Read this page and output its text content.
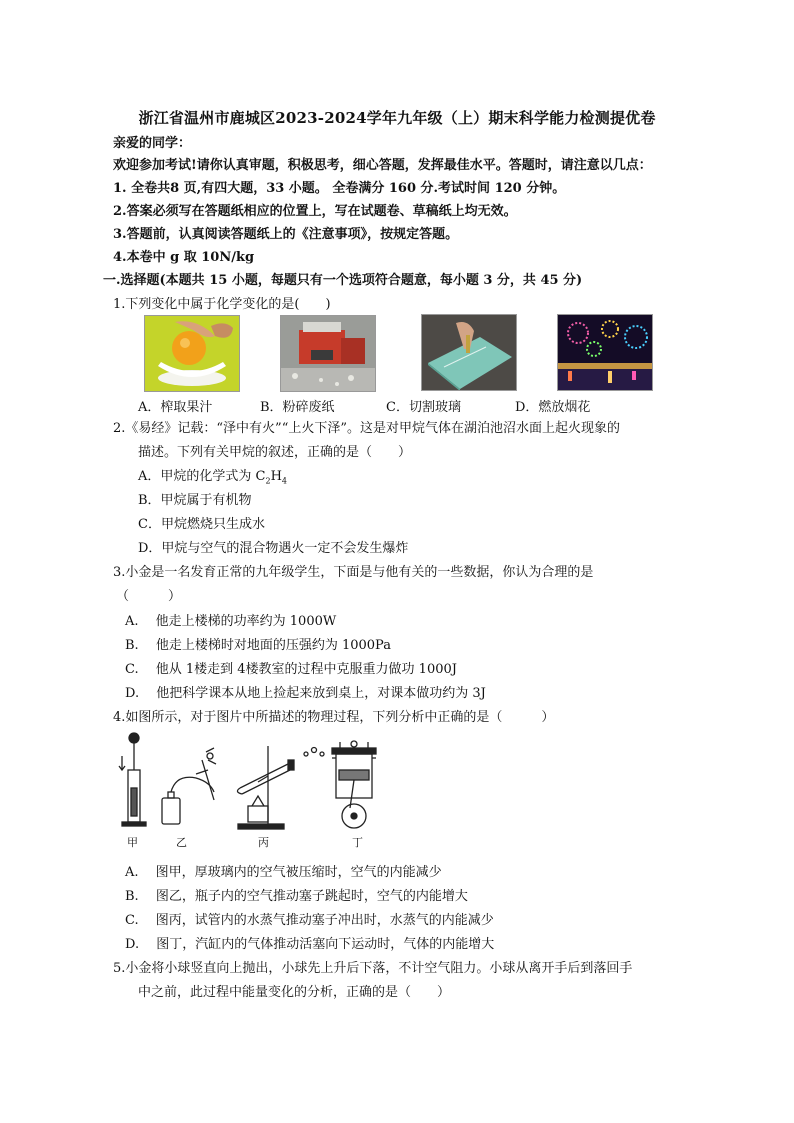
浙江省温州市鹿城区2023-2024学年九年级（上）期末科学能力检测提优卷
亲爱的同学：
欢迎参加考试!请你认真审题，积极思考，细心答题，发挥最佳水平。答题时，请注意以几点：
1. 全卷共8 页,有四大题，33 小题。 全卷满分 160 分.考试时间 120 分钟。
2.答案必须写在答题纸相应的位置上，写在试题卷、草稿纸上均无效。
3.答题前，认真阅读答题纸上的《注意事项》，按规定答题。
4.本卷中 g 取 10N/kg
一.选择题(本题共 15 小题，每题只有一个选项符合题意，每小题 3 分，共 45 分)
1.下列变化中属于化学变化的是(　　)
A．榨取果汁	B．粉碎废纸	C．切割玻璃	D．燃放烟花
2.《易经》记载：“泽中有火”“上火下泽”。这是对甲烷气体在湖泊池沼水面上起火现象的
描述。下列有关甲烷的叙述，正确的是（　　）
A．甲烷的化学式为 $C_2H_4$
B．甲烷属于有机物
C．甲烷燃烧只生成水
D．甲烷与空气的混合物遇火一定不会发生爆炸
3.小金是一名发育正常的九年级学生，下面是与他有关的一些数据，你认为合理的是
（　　　）
A.　 他走上楼梯的功率约为 1000W
B.　 他走上楼梯时对地面的压强约为 1000Pa
C.　 他从 1楼走到 4楼教室的过程中克服重力做功 1000J
D.　 他把科学课本从地上捡起来放到桌上，对课本做功约为 3J
4.如图所示，对于图片中所描述的物理过程，下列分析中正确的是（　　　）
甲	乙	丙	丁
A.　 图甲，厚玻璃内的空气被压缩时，空气的内能减少
B.　 图乙，瓶子内的空气推动塞子跳起时，空气的内能增大
C.　 图丙，试管内的水蒸气推动塞子冲出时，水蒸气的内能减少
D.　 图丁，汽缸内的气体推动活塞向下运动时，气体的内能增大
5.小金将小球竖直向上抛出，小球先上升后下落，不计空气阻力。小球从离开手后到落回手
中之前，此过程中能量变化的分析，正确的是（　　）
